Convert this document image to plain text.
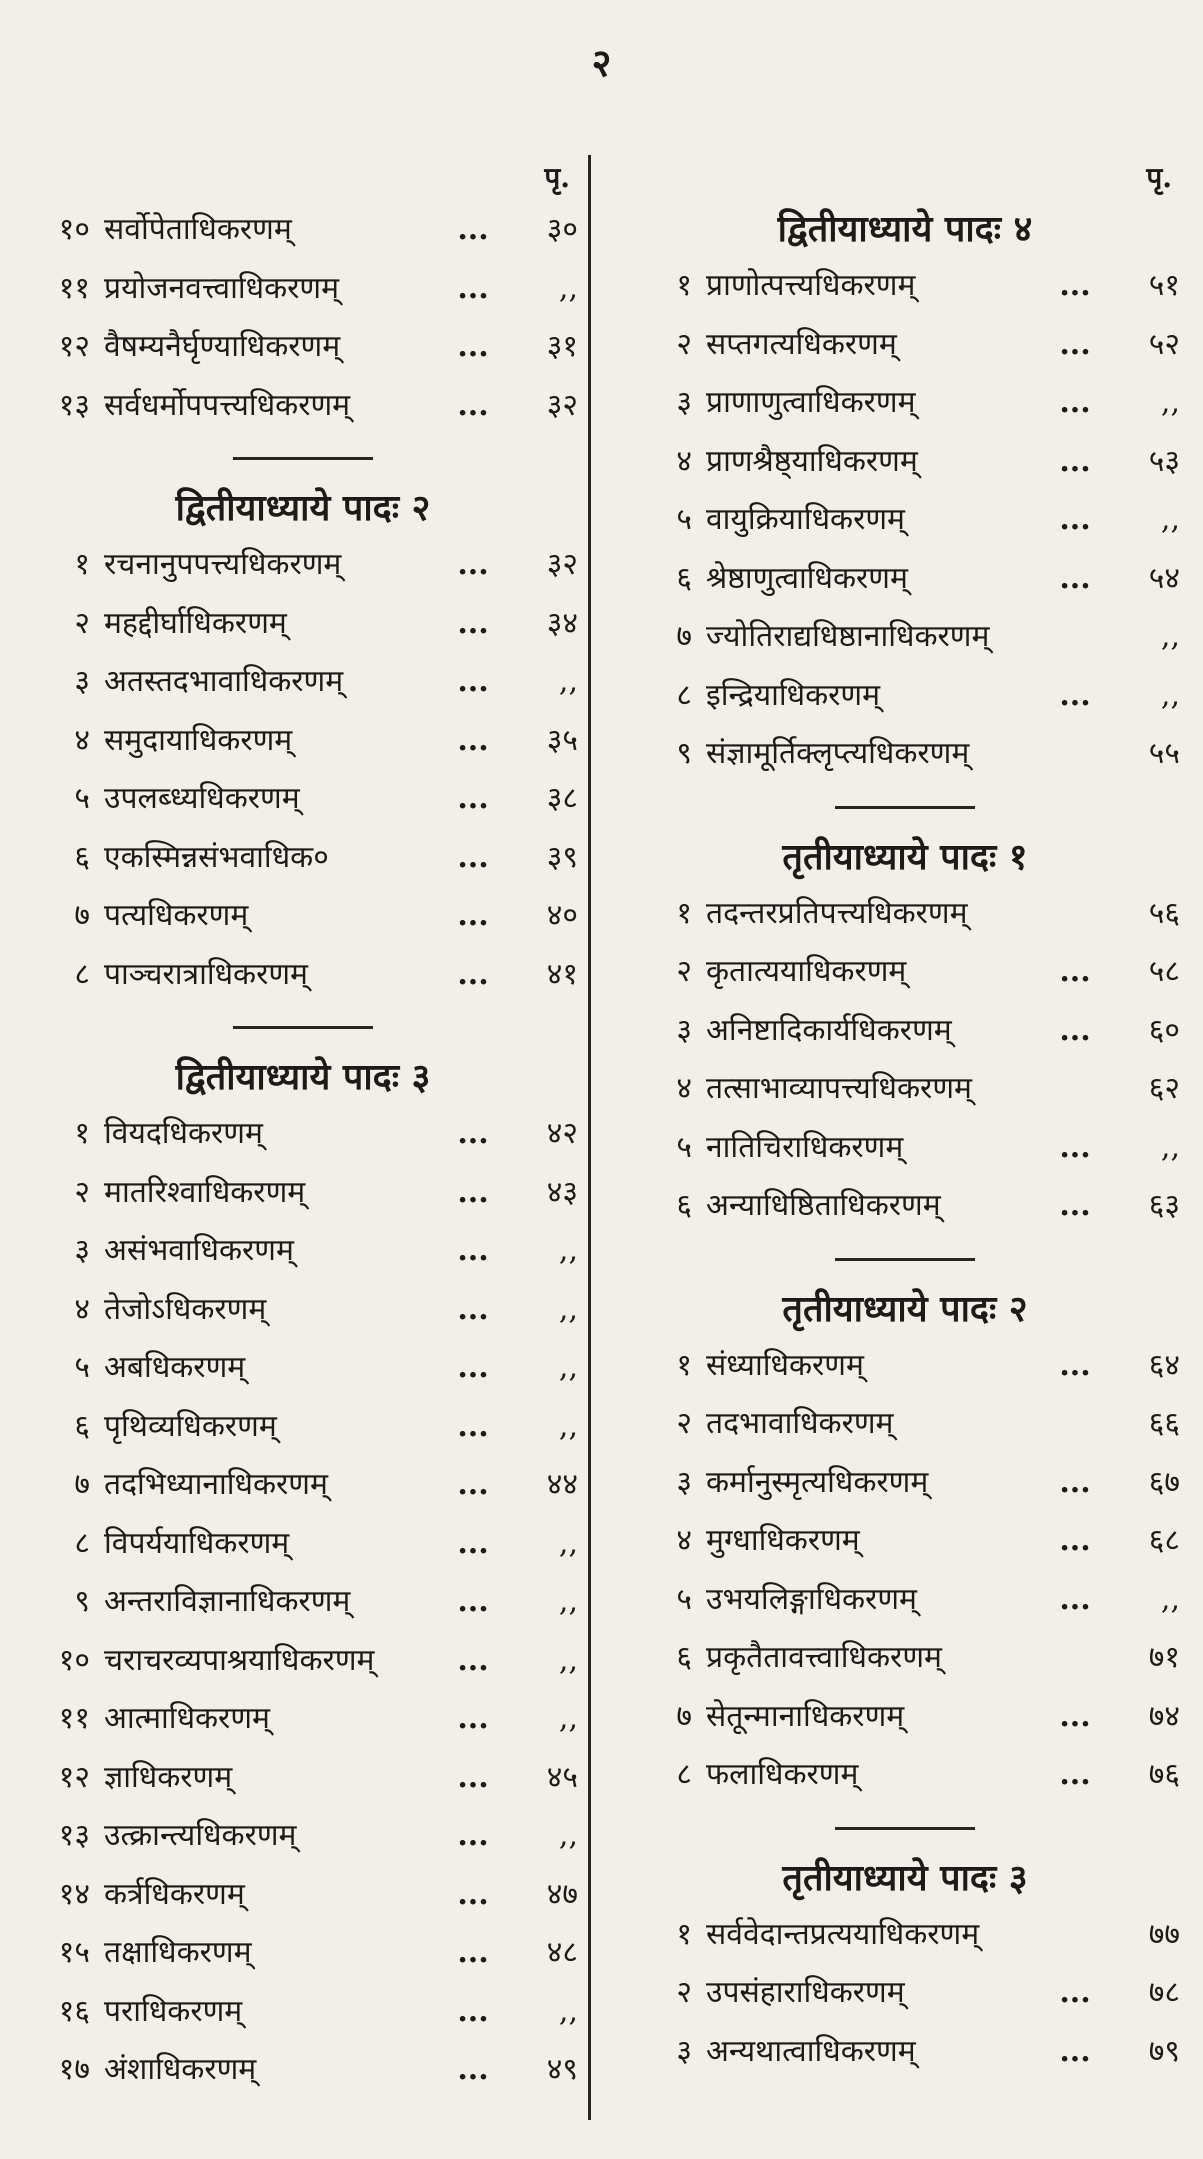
२
पृ.
१० सर्वोपेताधिकरणम्	...	३०
११ प्रयोजनवत्त्वाधिकरणम्	...	,,
१२ वैषम्यनैर्घृण्याधिकरणम्	...	३१
१३ सर्वधर्मोपपत्त्यधिकरणम्	...	३२
द्वितीयाध्याये पादः २
१ रचनानुपपत्त्यधिकरणम्	...	३२
२ महद्दीर्घाधिकरणम्	...	३४
३ अतस्तदभावाधिकरणम्	...	,,
४ समुदायाधिकरणम्	...	३५
५ उपलब्ध्यधिकरणम्	...	३८
६ एकस्मिन्नसंभवाधिक०	...	३९
७ पत्यधिकरणम्	...	४०
८ पाञ्चरात्राधिकरणम्	...	४१
द्वितीयाध्याये पादः ३
१ वियदधिकरणम्	...	४२
२ मातरिश्वाधिकरणम्	...	४३
३ असंभवाधिकरणम्	...	,,
४ तेजोऽधिकरणम्	...	,,
५ अबधिकरणम्	...	,,
६ पृथिव्यधिकरणम्	...	,,
७ तदभिध्यानाधिकरणम्	...	४४
८ विपर्ययाधिकरणम्	...	,,
९ अन्तराविज्ञानाधिकरणम्	...	,,
१० चराचरव्यपाश्रयाधिकरणम्	...	,,
११ आत्माधिकरणम्	...	,,
१२ ज्ञाधिकरणम्	...	४५
१३ उत्क्रान्त्यधिकरणम्	...	,,
१४ कर्त्रधिकरणम्	...	४७
१५ तक्षाधिकरणम्	...	४८
१६ पराधिकरणम्	...	,,
१७ अंशाधिकरणम्	...	४९
पृ.
द्वितीयाध्याये पादः ४
१ प्राणोत्पत्त्यधिकरणम्	...	५१
२ सप्तगत्यधिकरणम्	...	५२
३ प्राणाणुत्वाधिकरणम्	...	,,
४ प्राणश्रैष्ठ्याधिकरणम्	...	५३
५ वायुक्रियाधिकरणम्	...	,,
६ श्रेष्ठाणुत्वाधिकरणम्	...	५४
७ ज्योतिराद्यधिष्ठानाधिकरणम्	,,
८ इन्द्रियाधिकरणम्	...	,,
९ संज्ञामूर्तिक्लृप्त्यधिकरणम्	५५
तृतीयाध्याये पादः १
१ तदन्तरप्रतिपत्त्यधिकरणम्	५६
२ कृतात्ययाधिकरणम्	...	५८
३ अनिष्टादिकार्यधिकरणम्	...	६०
४ तत्साभाव्यापत्त्यधिकरणम्	६२
५ नातिचिराधिकरणम्	...	,,
६ अन्याधिष्ठिताधिकरणम्	...	६३
तृतीयाध्याये पादः २
१ संध्याधिकरणम्	...	६४
२ तदभावाधिकरणम्	६६
३ कर्मानुस्मृत्यधिकरणम्	...	६७
४ मुग्धाधिकरणम्	...	६८
५ उभयलिङ्गाधिकरणम्	...	,,
६ प्रकृतैतावत्त्वाधिकरणम्	७१
७ सेतून्मानाधिकरणम्	...	७४
८ फलाधिकरणम्	...	७६
तृतीयाध्याये पादः ३
१ सर्ववेदान्तप्रत्ययाधिकरणम्	७७
२ उपसंहाराधिकरणम्	...	७८
३ अन्यथात्वाधिकरणम्	...	७९
